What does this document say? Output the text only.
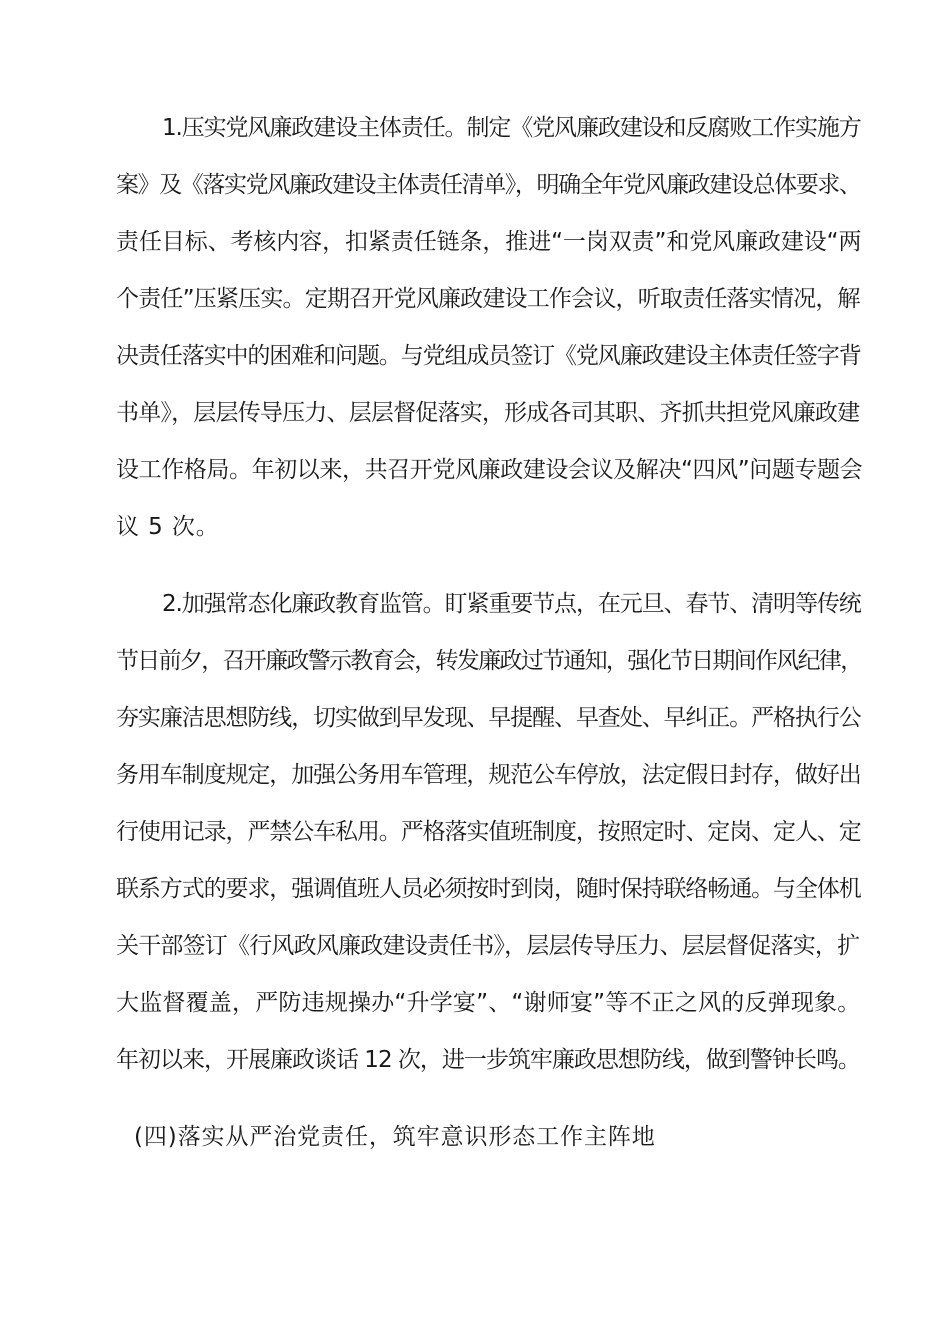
1.压实党风廉政建设主体责任。制定《党风廉政建设和反腐败工作实施方

案》及《落实党风廉政建设主体责任清单》，明确全年党风廉政建设总体要求、

责任目标、考核内容，扣紧责任链条，推进“一岗双责”和党风廉政建设“两

个责任”压紧压实。定期召开党风廉政建设工作会议，听取责任落实情况，解

决责任落实中的困难和问题。与党组成员签订《党风廉政建设主体责任签字背

书单》，层层传导压力、层层督促落实，形成各司其职、齐抓共担党风廉政建

设工作格局。年初以来，共召开党风廉政建设会议及解决“四风”问题专题会

议 5 次。

2.加强常态化廉政教育监管。盯紧重要节点，在元旦、春节、清明等传统

节日前夕，召开廉政警示教育会，转发廉政过节通知，强化节日期间作风纪律，

夯实廉洁思想防线，切实做到早发现、早提醒、早查处、早纠正。严格执行公

务用车制度规定，加强公务用车管理，规范公车停放，法定假日封存，做好出

行使用记录，严禁公车私用。严格落实值班制度，按照定时、定岗、定人、定

联系方式的要求，强调值班人员必须按时到岗，随时保持联络畅通。与全体机

关干部签订《行风政风廉政建设责任书》，层层传导压力、层层督促落实，扩

大监督覆盖，严防违规操办“升学宴”、“谢师宴”等不正之风的反弹现象。

年初以来，开展廉政谈话 12 次，进一步筑牢廉政思想防线，做到警钟长鸣。

(四)落实从严治党责任，筑牢意识形态工作主阵地
